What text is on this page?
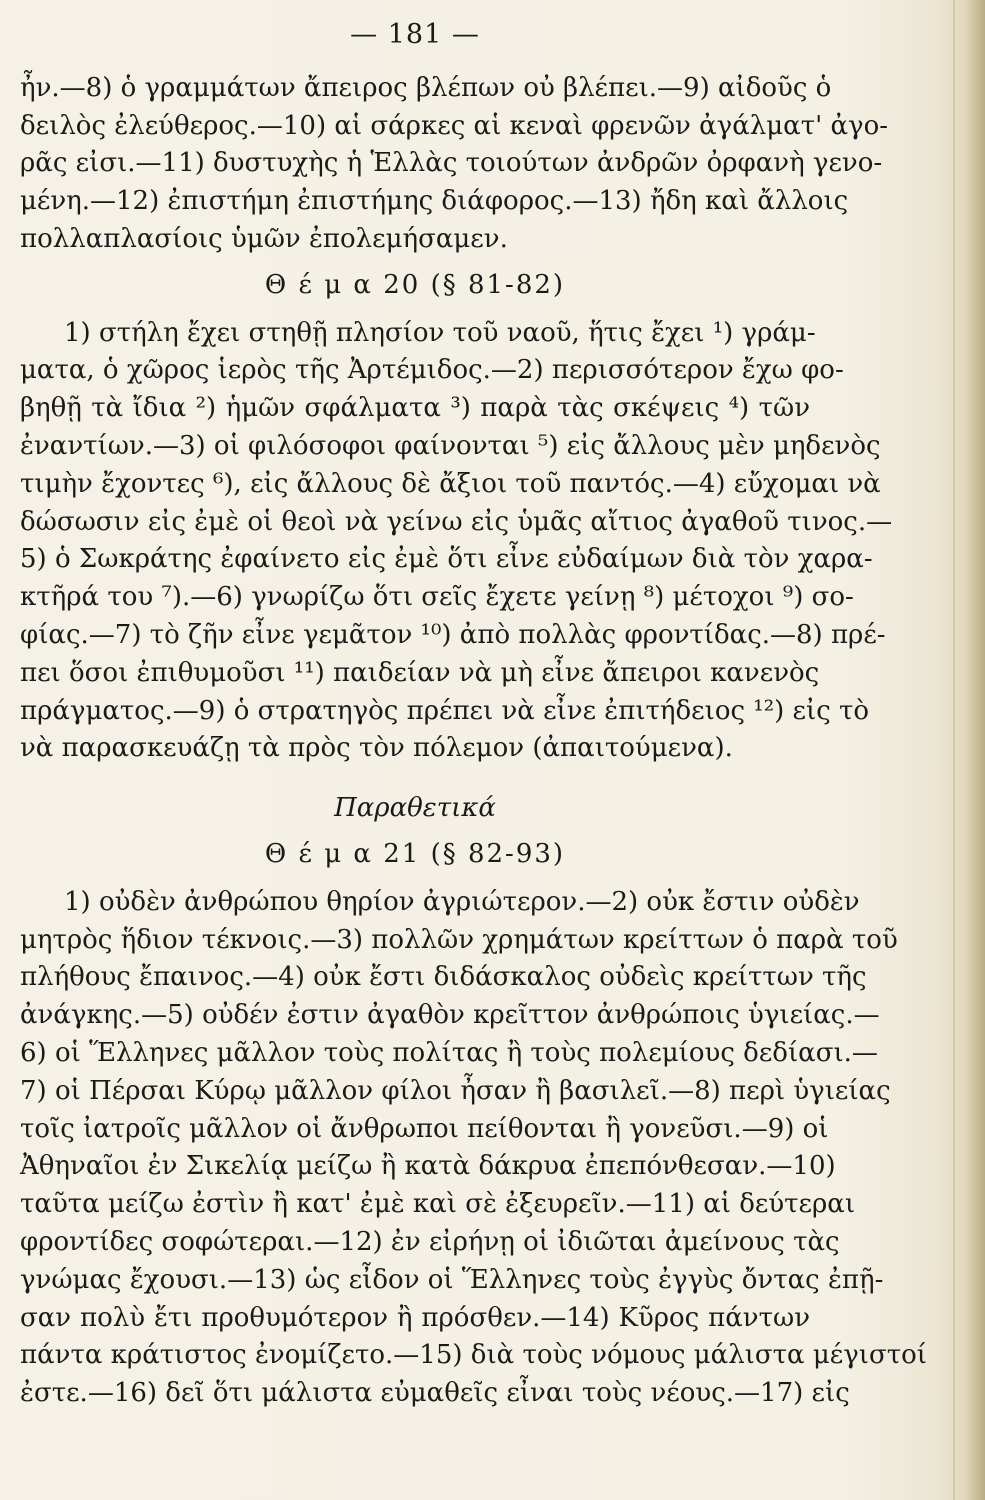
— 181 —
ἦν.—8) ὁ γραμμάτων ἄπειρος βλέπων οὐ βλέπει.—9) αἰδοῦς ὁ
δειλὸς ἐλεύθερος.—10) αἱ σάρκες αἱ κεναὶ φρενῶν ἀγάλματ' ἀγο-
ρᾶς εἰσι.—11) δυστυχὴς ἡ Ἑλλὰς τοιούτων ἀνδρῶν ὀρφανὴ γενο-
μένη.—12) ἐπιστήμη ἐπιστήμης διάφορος.—13) ἤδη καὶ ἄλλοις
πολλαπλασίοις ὑμῶν ἐπολεμήσαμεν.
Θ έ μ α 20 (§ 81-82)
1) στήλη ἔχει στηθῇ πλησίον τοῦ ναοῦ, ἥτις ἔχει ¹) γράμ-
ματα, ὁ χῶρος ἱερὸς τῆς Ἀρτέμιδος.—2) περισσότερον ἔχω φο-
βηθῇ τὰ ἴδια ²) ἡμῶν σφάλματα ³) παρὰ τὰς σκέψεις ⁴) τῶν
ἐναντίων.—3) οἱ φιλόσοφοι φαίνονται ⁵) εἰς ἄλλους μὲν μηδενὸς
τιμὴν ἔχοντες ⁶), εἰς ἄλλους δὲ ἄξιοι τοῦ παντός.—4) εὔχομαι νὰ
δώσωσιν εἰς ἐμὲ οἱ θεοὶ νὰ γείνω εἰς ὑμᾶς αἴτιος ἀγαθοῦ τινος.—
5) ὁ Σωκράτης ἐφαίνετο εἰς ἐμὲ ὅτι εἶνε εὐδαίμων διὰ τὸν χαρα-
κτῆρά του ⁷).—6) γνωρίζω ὅτι σεῖς ἔχετε γείνῃ ⁸) μέτοχοι ⁹) σο-
φίας.—7) τὸ ζῆν εἶνε γεμᾶτον ¹⁰) ἀπὸ πολλὰς φροντίδας.—8) πρέ-
πει ὅσοι ἐπιθυμοῦσι ¹¹) παιδείαν νὰ μὴ εἶνε ἄπειροι κανενὸς
πράγματος.—9) ὁ στρατηγὸς πρέπει νὰ εἶνε ἐπιτήδειος ¹²) εἰς τὸ
νὰ παρασκευάζῃ τὰ πρὸς τὸν πόλεμον (ἀπαιτούμενα).
Παραθετικά
Θ έ μ α 21 (§ 82-93)
1) οὐδὲν ἀνθρώπου θηρίον ἀγριώτερον.—2) οὐκ ἔστιν οὐδὲν
μητρὸς ἥδιον τέκνοις.—3) πολλῶν χρημάτων κρείττων ὁ παρὰ τοῦ
πλήθους ἔπαινος.—4) οὐκ ἔστι διδάσκαλος οὐδεὶς κρείττων τῆς
ἀνάγκης.—5) οὐδέν ἐστιν ἀγαθὸν κρεῖττον ἀνθρώποις ὑγιείας.—
6) οἱ Ἕλληνες μᾶλλον τοὺς πολίτας ἢ τοὺς πολεμίους δεδίασι.—
7) οἱ Πέρσαι Κύρῳ μᾶλλον φίλοι ἦσαν ἢ βασιλεῖ.—8) περὶ ὑγιείας
τοῖς ἰατροῖς μᾶλλον οἱ ἄνθρωποι πείθονται ἢ γονεῦσι.—9) οἱ
Ἀθηναῖοι ἐν Σικελίᾳ μείζω ἢ κατὰ δάκρυα ἐπεπόνθεσαν.—10)
ταῦτα μείζω ἐστὶν ἢ κατ' ἐμὲ καὶ σὲ ἐξευρεῖν.—11) αἱ δεύτεραι
φροντίδες σοφώτεραι.—12) ἐν εἰρήνῃ οἱ ἰδιῶται ἀμείνους τὰς
γνώμας ἔχουσι.—13) ὡς εἶδον οἱ Ἕλληνες τοὺς ἐγγὺς ὄντας ἐπῇ-
σαν πολὺ ἔτι προθυμότερον ἢ πρόσθεν.—14) Κῦρος πάντων
πάντα κράτιστος ἐνομίζετο.—15) διὰ τοὺς νόμους μάλιστα μέγιστοί
ἐστε.—16) δεῖ ὅτι μάλιστα εὐμαθεῖς εἶναι τοὺς νέους.—17) εἰς
